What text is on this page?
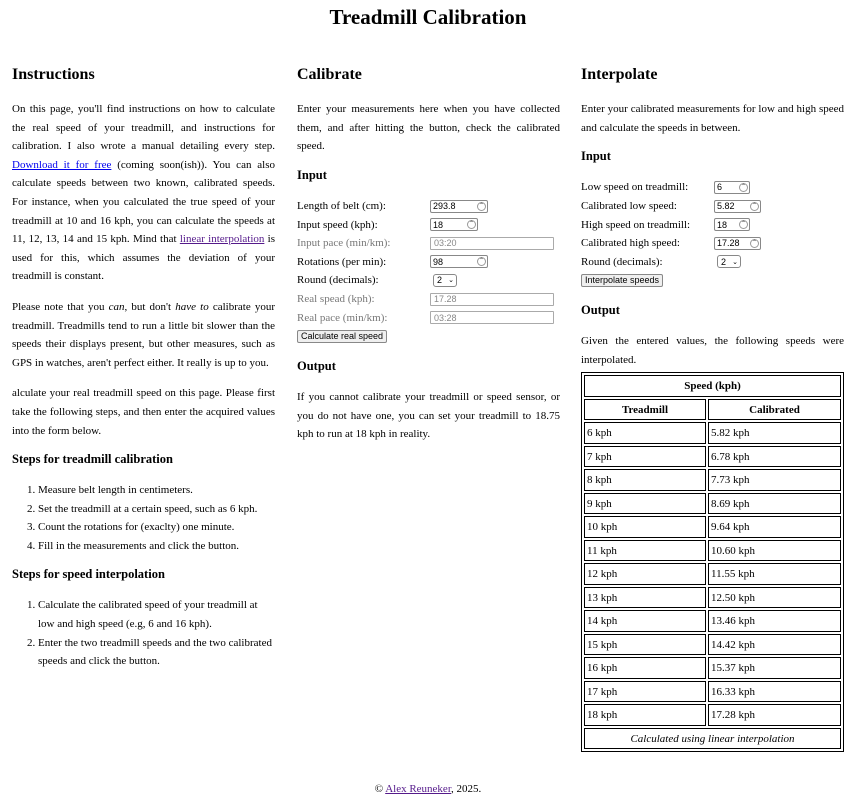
Treadmill Calibration
Instructions

On this page, you'll find instructions on how to calculate the real speed of your treadmill, and instructions for calibration. I also wrote a manual detailing every step. Download it for free (coming soon(ish)). You can also calculate speeds between two known, calibrated speeds. For instance, when you calculated the true speed of your treadmill at 10 and 16 kph, you can calculate the speeds at 11, 12, 13, 14 and 15 kph. Mind that linear interpolation is used for this, which assumes the deviation of your treadmill is constant.

Please note that you can, but don't have to calibrate your treadmill. Treadmills tend to run a little bit slower than the speeds their displays present, but other measures, such as GPS in watches, aren't perfect either. It really is up to you.

alculate your real treadmill speed on this page. Please first take the following steps, and then enter the acquired values into the form below.

Steps for treadmill calibration
1. Measure belt length in centimeters.
2. Set the treadmill at a certain speed, such as 6 kph.
3. Count the rotations for (exaclty) one minute.
4. Fill in the measurements and click the button.
Steps for speed interpolation
1. Calculate the calibrated speed of your treadmill at low and high speed (e.g, 6 and 16 kph).
2. Enter the two treadmill speeds and the two calibrated speeds and click the button.
Calibrate

Enter your measurements here when you have collected them, and after hitting the button, check the calibrated speed.

Input
Length of belt (cm):	293.8	⌃
Input speed (kph):	18	⌃
Input pace (min/km):	03:20
Rotations (per min):	98	⌃
Round (decimals):	2 ⌄
Real spead (kph):	17.28
Real pace (min/km):	03:28
Calculate real speed
Output

If you cannot calibrate your treadmill or speed sensor, or you do not have one, you can set your treadmill to 18.75 kph to run at 18 kph in reality.

Interpolate

Enter your calibrated measurements for low and high speed and calculate the speeds in between.

Input
Low speed on treadmill:	6	⌃
Calibrated low speed:	5.82	⌃
High speed on treadmill:	18	⌃
Calibrated high speed:	17.28	⌃
Round (decimals):	2 ⌄
Interpolate speeds
Output

Given the entered values, the following speeds were interpolated.

Speed (kph)	
Treadmill	Calibrated
6 kph	5.82 kph
7 kph	6.78 kph
8 kph	7.73 kph
9 kph	8.69 kph
10 kph	9.64 kph
11 kph	10.60 kph
12 kph	11.55 kph
13 kph	12.50 kph
14 kph	13.46 kph
15 kph	14.42 kph
16 kph	15.37 kph
17 kph	16.33 kph
18 kph	17.28 kph
Calculated using linear interpolation	
© Alex Reuneker, 2025.
